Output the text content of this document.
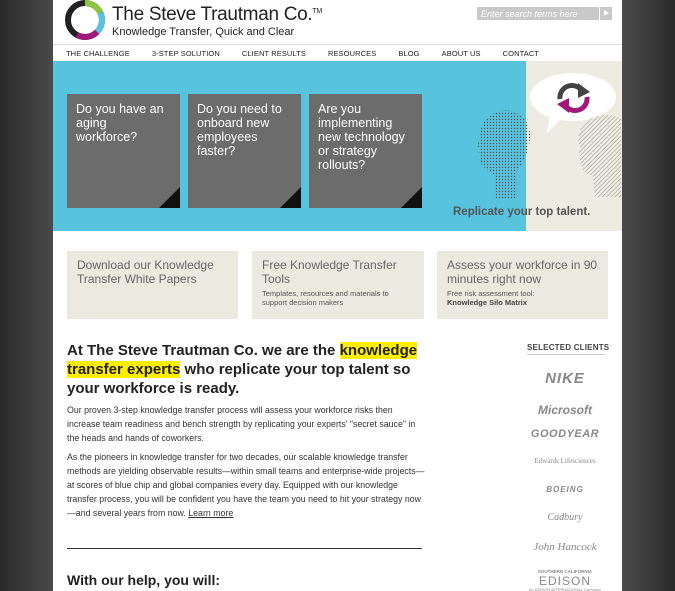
The Steve Trautman Co.™
Knowledge Transfer, Quick and Clear
Enter search terms here
THE CHALLENGE	3-STEP SOLUTION	CLIENT RESULTS	RESOURCES	BLOG	ABOUT US	CONTACT
Do you have an aging workforce?
Do you need to onboard new employees faster?
Are you implementing new technology or strategy rollouts?
Replicate your top talent.
Download our Knowledge Transfer White Papers
Free Knowledge Transfer Tools
Templates, resources and materials to support decision makers
Assess your workforce in 90 minutes right now
Free risk assessment tool:
Knowledge Silo Matrix
At The Steve Trautman Co. we are the knowledge transfer experts who replicate your top talent so your workforce is ready.

Our proven 3-step knowledge transfer process will assess your workforce risks then increase team readiness and bench strength by replicating your experts' "secret sauce" in the heads and hands of coworkers.

As the pioneers in knowledge transfer for two decades, our scalable knowledge transfer methods are yielding observable results—within small teams and enterprise-wide projects—at scores of blue chip and global companies every day. Equipped with our knowledge transfer process, you will be confident you have the team you need to hit your strategy now—and several years from now. Learn more

With our help, you will:
SELECTED CLIENTS
NIKE
Microsoft
GOODYEAR
Edwards Lifesciences
BOEING
Cadbury
John Hancock
SOUTHERN CALIFORNIA
EDISON
An EDISON INTERNATIONAL Company
